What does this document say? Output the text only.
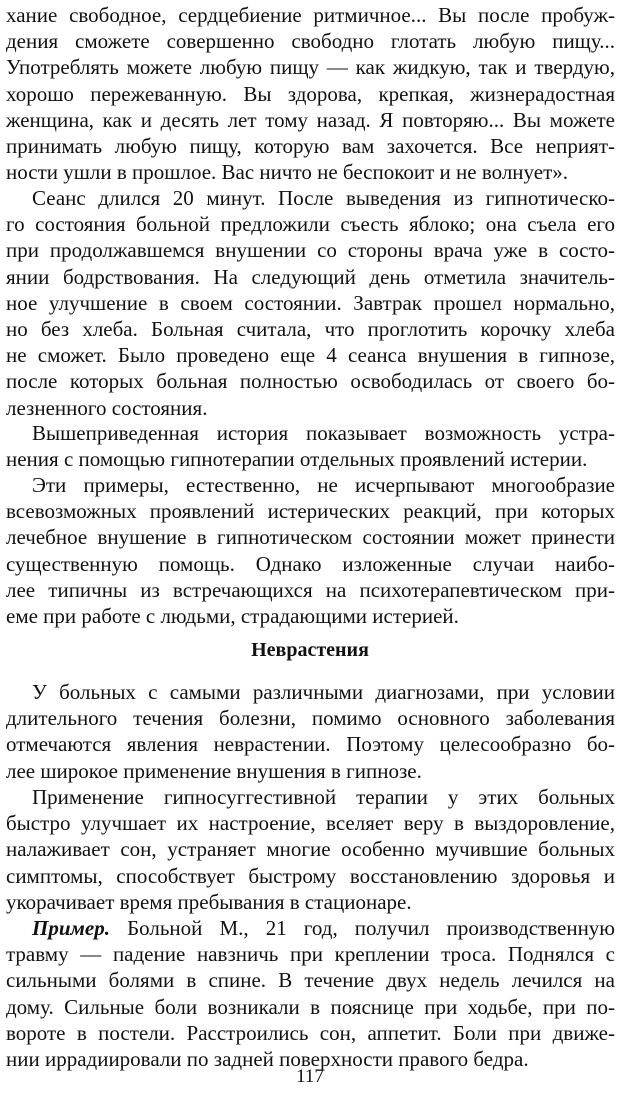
хание свободное, сердцебиение ритмичное... Вы после пробуж-
дения сможете совершенно свободно глотать любую пищу...
Употреблять можете любую пищу — как жидкую, так и твердую,
хорошо пережеванную. Вы здорова, крепкая, жизнерадостная
женщина, как и десять лет тому назад. Я повторяю... Вы можете
принимать любую пищу, которую вам захочется. Все неприят-
ности ушли в прошлое. Вас ничто не беспокоит и не волнует».
Сеанс длился 20 минут. После выведения из гипнотическо-
го состояния больной предложили съесть яблоко; она съела его
при продолжавшемся внушении со стороны врача уже в состо-
янии бодрствования. На следующий день отметила значитель-
ное улучшение в своем состоянии. Завтрак прошел нормально,
но без хлеба. Больная считала, что проглотить корочку хлеба
не сможет. Было проведено еще 4 сеанса внушения в гипнозе,
после которых больная полностью освободилась от своего бо-
лезненного состояния.
Вышеприведенная история показывает возможность устра-
нения с помощью гипнотерапии отдельных проявлений истерии.
Эти примеры, естественно, не исчерпывают многообразие
всевозможных проявлений истерических реакций, при которых
лечебное внушение в гипнотическом состоянии может принести
существенную помощь. Однако изложенные случаи наибо-
лее типичны из встречающихся на психотерапевтическом при-
еме при работе с людьми, страдающими истерией.
Неврастения
У больных с самыми различными диагнозами, при условии
длительного течения болезни, помимо основного заболевания
отмечаются явления неврастении. Поэтому целесообразно бо-
лее широкое применение внушения в гипнозе.
Применение гипносуггестивной терапии у этих больных
быстро улучшает их настроение, вселяет веру в выздоровление,
налаживает сон, устраняет многие особенно мучившие больных
симптомы, способствует быстрому восстановлению здоровья и
укорачивает время пребывания в стационаре.
Пример. Больной М., 21 год, получил производственную
травму — падение навзничь при креплении троса. Поднялся с
сильными болями в спине. В течение двух недель лечился на
дому. Сильные боли возникали в пояснице при ходьбе, при по-
вороте в постели. Расстроились сон, аппетит. Боли при движе-
нии иррадиировали по задней поверхности правого бедра.
117
